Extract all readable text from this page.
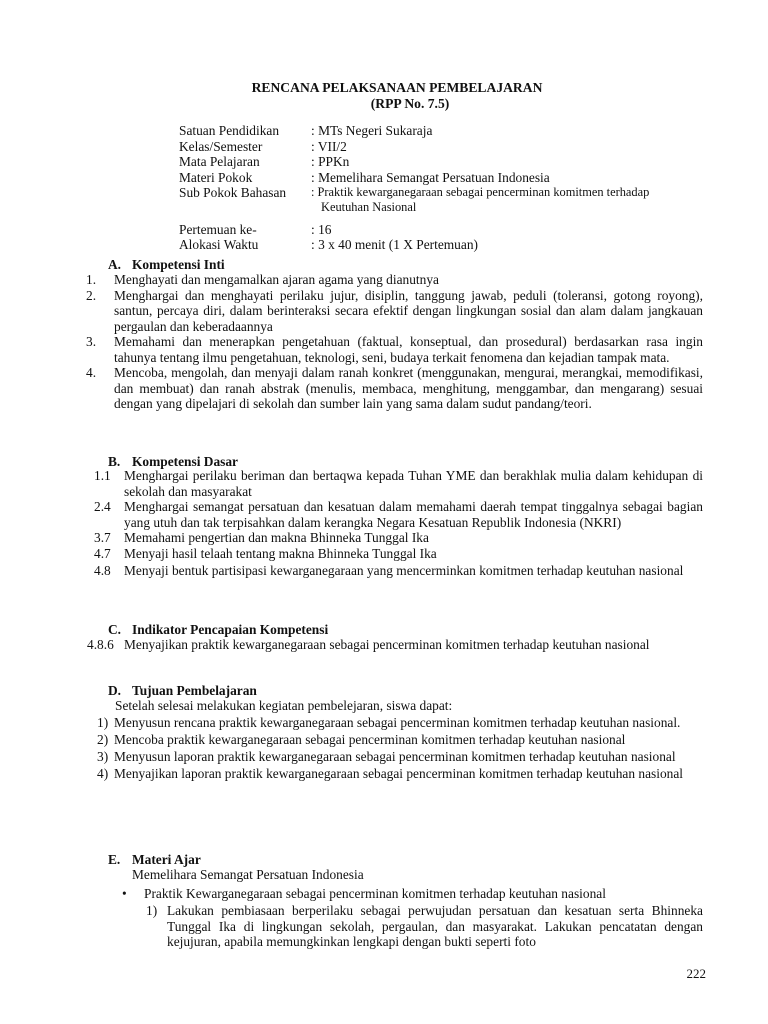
RENCANA PELAKSANAAN PEMBELAJARAN
(RPP No. 7.5)
Satuan Pendidikan	: MTs Negeri Sukaraja
Kelas/Semester	: VII/2
Mata Pelajaran	: PPKn
Materi Pokok	: Memelihara Semangat Persatuan Indonesia
Sub Pokok Bahasan	: Praktik kewarganegaraan sebagai pencerminan komitmen terhadap
Keutuhan Nasional

Pertemuan ke-	: 16
Alokasi Waktu	: 3 x 40 menit (1 X Pertemuan)
A. Kompetensi Inti
1. Menghayati dan mengamalkan ajaran agama yang dianutnya
2. Menghargai dan menghayati perilaku jujur, disiplin, tanggung jawab, peduli (toleransi, gotong royong), santun, percaya diri, dalam berinteraksi secara efektif dengan lingkungan sosial dan alam dalam jangkauan pergaulan dan keberadaannya
3. Memahami dan menerapkan pengetahuan (faktual, konseptual, dan prosedural) berdasarkan rasa ingin tahunya tentang ilmu pengetahuan, teknologi, seni, budaya terkait fenomena dan kejadian tampak mata.
4. Mencoba, mengolah, dan menyaji dalam ranah konkret (menggunakan, mengurai, merangkai, memodifikasi, dan membuat) dan ranah abstrak (menulis, membaca, menghitung, menggambar, dan mengarang) sesuai dengan yang dipelajari di sekolah dan sumber lain yang sama dalam sudut pandang/teori.
B. Kompetensi Dasar
1.1 Menghargai perilaku beriman dan bertaqwa kepada Tuhan YME dan berakhlak mulia dalam kehidupan di sekolah dan masyarakat
2.4 Menghargai semangat persatuan dan kesatuan dalam memahami daerah tempat tinggalnya sebagai bagian yang utuh dan tak terpisahkan dalam kerangka Negara Kesatuan Republik Indonesia (NKRI)
3.7 Memahami pengertian dan makna Bhinneka Tunggal Ika
4.7 Menyaji hasil telaah tentang makna Bhinneka Tunggal Ika
4.8 Menyaji bentuk partisipasi kewarganegaraan yang mencerminkan komitmen terhadap keutuhan nasional
C. Indikator Pencapaian Kompetensi
4.8.6 Menyajikan praktik kewarganegaraan sebagai pencerminan komitmen terhadap keutuhan nasional
D. Tujuan Pembelajaran
Setelah selesai melakukan kegiatan pembelejaran, siswa dapat:
1) Menyusun rencana praktik kewarganegaraan sebagai pencerminan komitmen terhadap keutuhan nasional.
2) Mencoba praktik kewarganegaraan sebagai pencerminan komitmen terhadap keutuhan nasional
3) Menyusun laporan praktik kewarganegaraan sebagai pencerminan komitmen terhadap keutuhan nasional
4) Menyajikan laporan praktik kewarganegaraan sebagai pencerminan komitmen terhadap keutuhan nasional
E. Materi Ajar
Memelihara Semangat Persatuan Indonesia
• Praktik Kewarganegaraan sebagai pencerminan komitmen terhadap keutuhan nasional
1) Lakukan pembiasaan berperilaku sebagai perwujudan persatuan dan kesatuan serta Bhinneka Tunggal Ika di lingkungan sekolah, pergaulan, dan masyarakat. Lakukan pencatatan dengan kejujuran, apabila memungkinkan lengkapi dengan bukti seperti foto
222
